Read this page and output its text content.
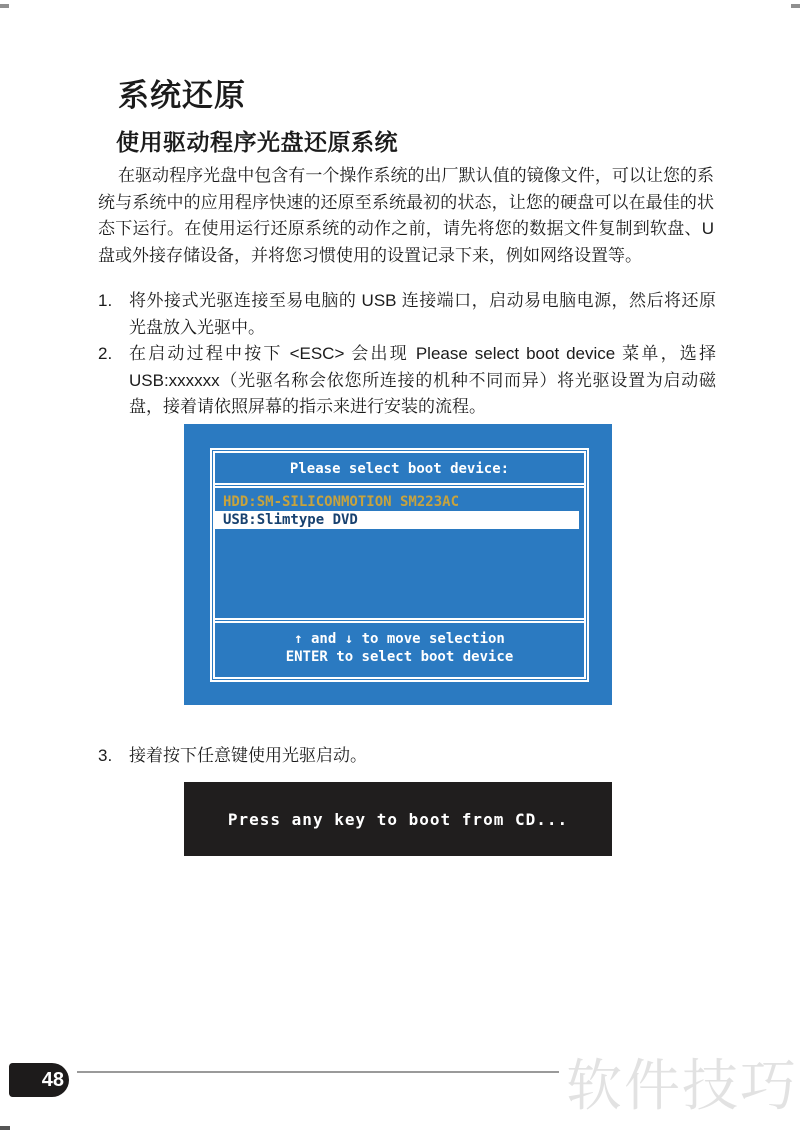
系统还原
使用驱动程序光盘还原系统

在驱动程序光盘中包含有一个操作系统的出厂默认值的镜像文件，可以让您的系统与系统中的应用程序快速的还原至系统最初的状态，让您的硬盘可以在最佳的状态下运行。在使用运行还原系统的动作之前，请先将您的数据文件复制到软盘、U 盘或外接存储设备，并将您习惯使用的设置记录下来，例如网络设置等。

1. 将外接式光驱连接至易电脑的 USB 连接端口，启动易电脑电源，然后将还原光盘放入光驱中。
2. 在启动过程中按下 <ESC> 会出现 Please select boot device 菜单，选择 USB:xxxxxx（光驱名称会依您所连接的机种不同而异）将光驱设置为启动磁盘，接着请依照屏幕的指示来进行安装的流程。
Please select boot device:
HDD:SM-SILICONMOTION SM223AC
USB:Slimtype DVD
↑ and ↓ to move selection
ENTER to select boot device
3. 接着按下任意键使用光驱启动。
Press any key to boot from CD...
48	软件技巧
